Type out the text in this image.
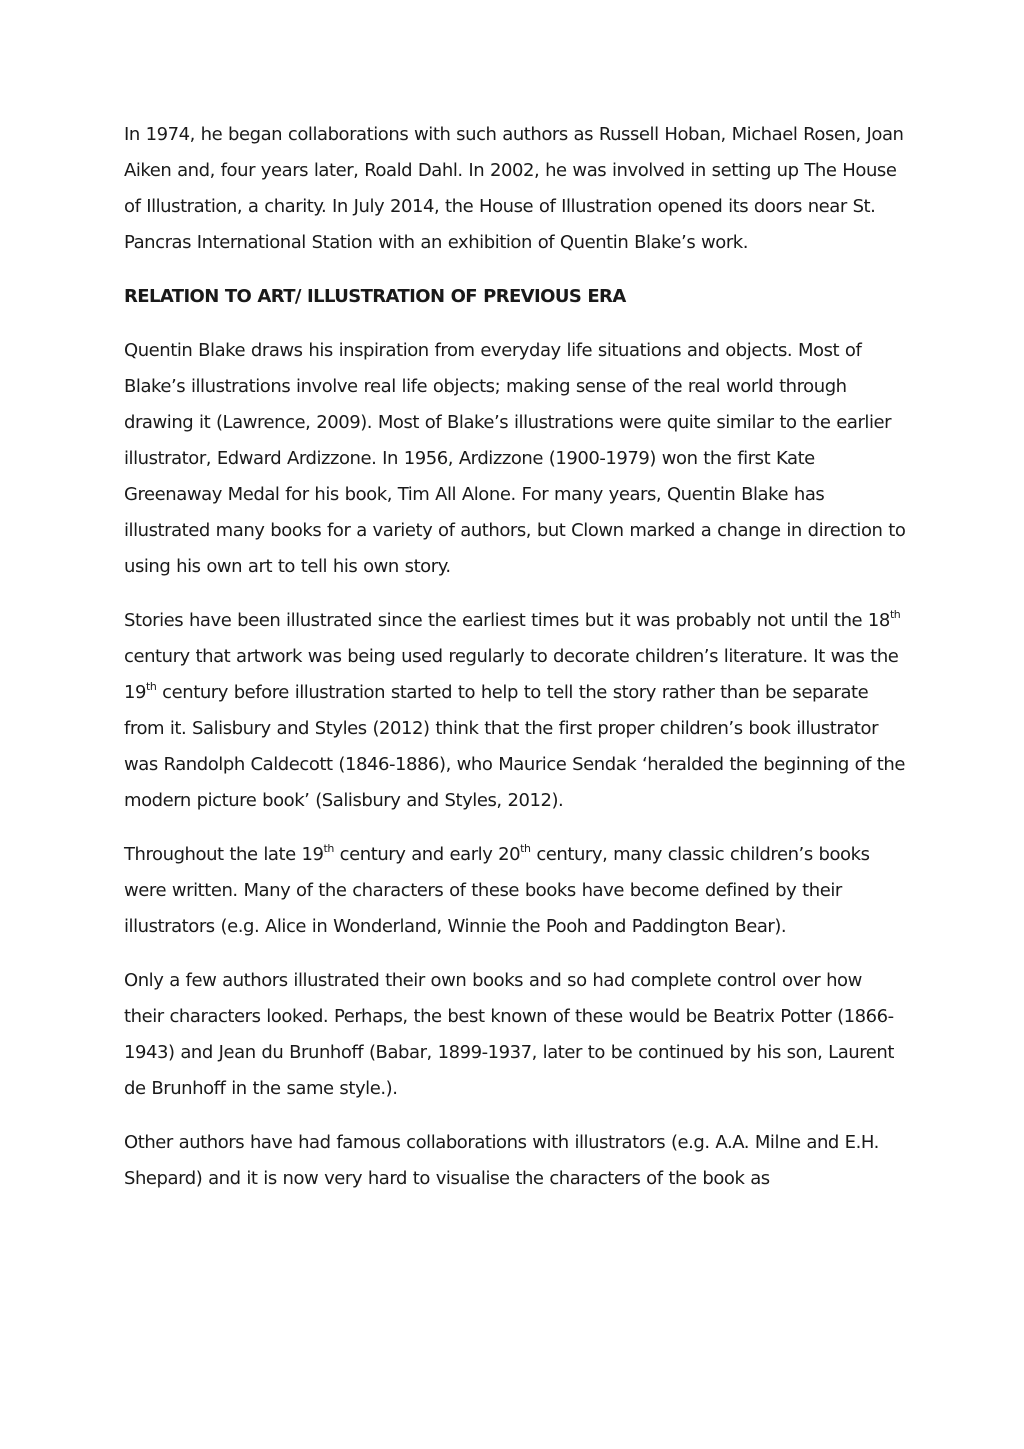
In 1974, he began collaborations with such authors as Russell Hoban, Michael Rosen, Joan Aiken and, four years later, Roald Dahl. In 2002, he was involved in setting up The House of Illustration, a charity. In July 2014, the House of Illustration opened its doors near St. Pancras International Station with an exhibition of Quentin Blake’s work.

RELATION TO ART/ ILLUSTRATION OF PREVIOUS ERA

Quentin Blake draws his inspiration from everyday life situations and objects. Most of Blake’s illustrations involve real life objects; making sense of the real world through drawing it (Lawrence, 2009). Most of Blake’s illustrations were quite similar to the earlier illustrator, Edward Ardizzone. In 1956, Ardizzone (1900-1979) won the first Kate Greenaway Medal for his book, Tim All Alone. For many years, Quentin Blake has illustrated many books for a variety of authors, but Clown marked a change in direction to using his own art to tell his own story.

Stories have been illustrated since the earliest times but it was probably not until the 18th century that artwork was being used regularly to decorate children’s literature. It was the 19th century before illustration started to help to tell the story rather than be separate from it. Salisbury and Styles (2012) think that the first proper children’s book illustrator was Randolph Caldecott (1846-1886), who Maurice Sendak ‘heralded the beginning of the modern picture book’ (Salisbury and Styles, 2012).

Throughout the late 19th century and early 20th century, many classic children’s books were written. Many of the characters of these books have become defined by their illustrators (e.g. Alice in Wonderland, Winnie the Pooh and Paddington Bear).

Only a few authors illustrated their own books and so had complete control over how their characters looked. Perhaps, the best known of these would be Beatrix Potter (1866-1943) and Jean du Brunhoff (Babar, 1899-1937, later to be continued by his son, Laurent de Brunhoff in the same style.).

Other authors have had famous collaborations with illustrators (e.g. A.A. Milne and E.H. Shepard) and it is now very hard to visualise the characters of the book as
